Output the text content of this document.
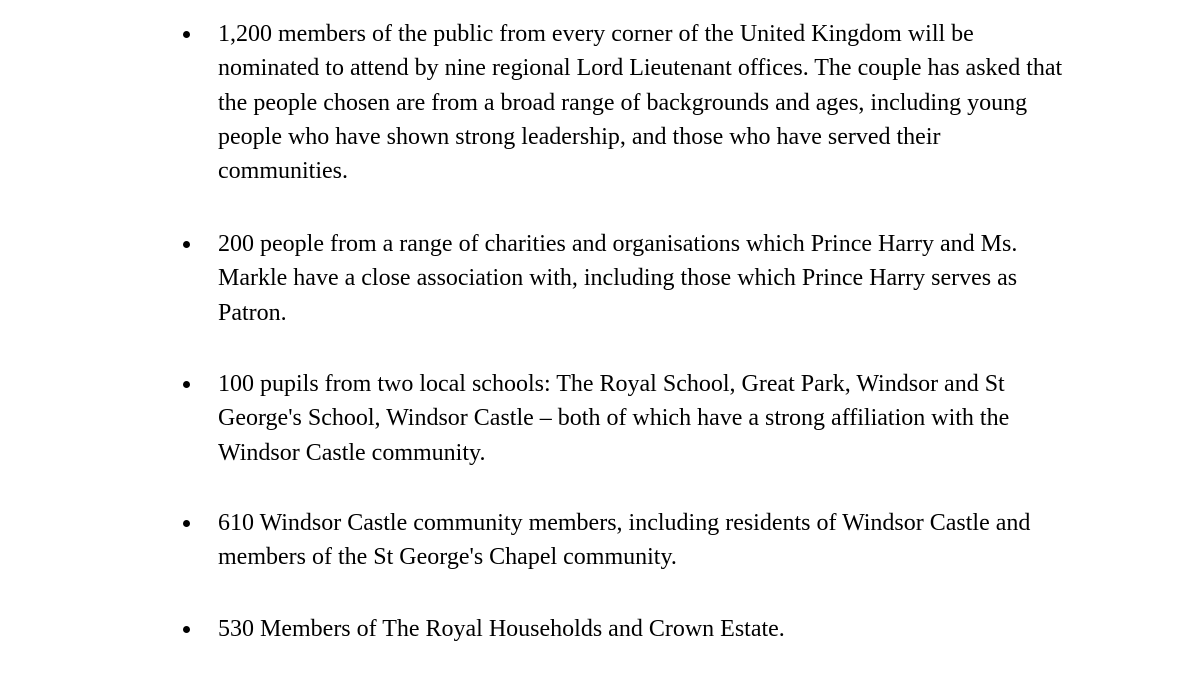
1,200 members of the public from every corner of the United Kingdom will be nominated to attend by nine regional Lord Lieutenant offices. The couple has asked that the people chosen are from a broad range of backgrounds and ages, including young people who have shown strong leadership, and those who have served their communities.
200 people from a range of charities and organisations which Prince Harry and Ms. Markle have a close association with, including those which Prince Harry serves as Patron.
100 pupils from two local schools: The Royal School, Great Park, Windsor and St George's School, Windsor Castle – both of which have a strong affiliation with the Windsor Castle community.
610 Windsor Castle community members, including residents of Windsor Castle and members of the St George's Chapel community.
530 Members of The Royal Households and Crown Estate.
